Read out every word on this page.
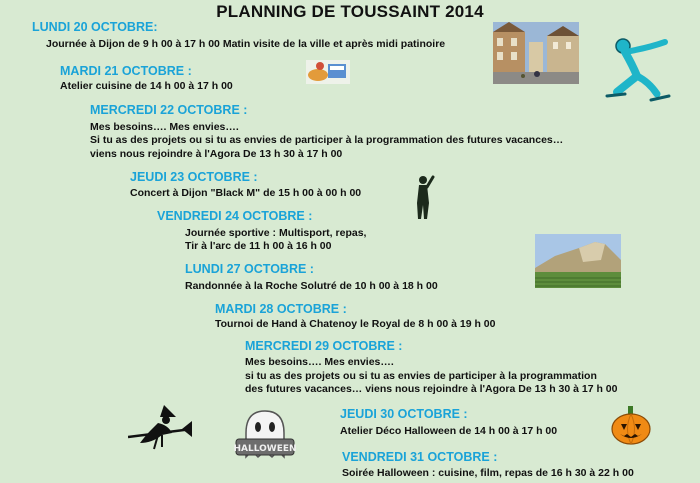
PLANNING DE TOUSSAINT 2014
LUNDI 20 OCTOBRE:
Journée à Dijon de 9 h 00 à 17 h 00 Matin visite de la ville et après midi patinoire
MARDI 21 OCTOBRE :
Atelier cuisine de 14 h 00 à 17 h 00
MERCREDI 22 OCTOBRE :
Mes besoins…. Mes envies….
Si tu as des projets ou si tu as envies de participer à la programmation des futures vacances…
viens nous rejoindre à l'Agora De 13 h 30 à 17 h 00
JEUDI 23 OCTOBRE :
Concert à Dijon "Black M" de 15 h 00 à 00 h 00
VENDREDI 24 OCTOBRE :
Journée sportive : Multisport, repas,
Tir à l'arc de 11 h 00 à 16 h 00
LUNDI 27 OCTOBRE :
Randonnée à la Roche Solutré de 10 h 00 à 18 h 00
MARDI 28 OCTOBRE :
Tournoi de Hand à Chatenoy le Royal de 8 h 00 à 19 h 00
MERCREDI 29 OCTOBRE :
Mes besoins…. Mes envies….
si tu as des projets ou si tu as envies de participer à la programmation
des futures vacances… viens nous rejoindre à l'Agora De 13 h 30 à 17 h 00
JEUDI 30 OCTOBRE :
Atelier Déco Halloween de 14 h 00 à 17 h 00
VENDREDI 31 OCTOBRE :
Soirée Halloween : cuisine, film, repas de 16 h 30 à 22 h 00
HALLOWEEN
